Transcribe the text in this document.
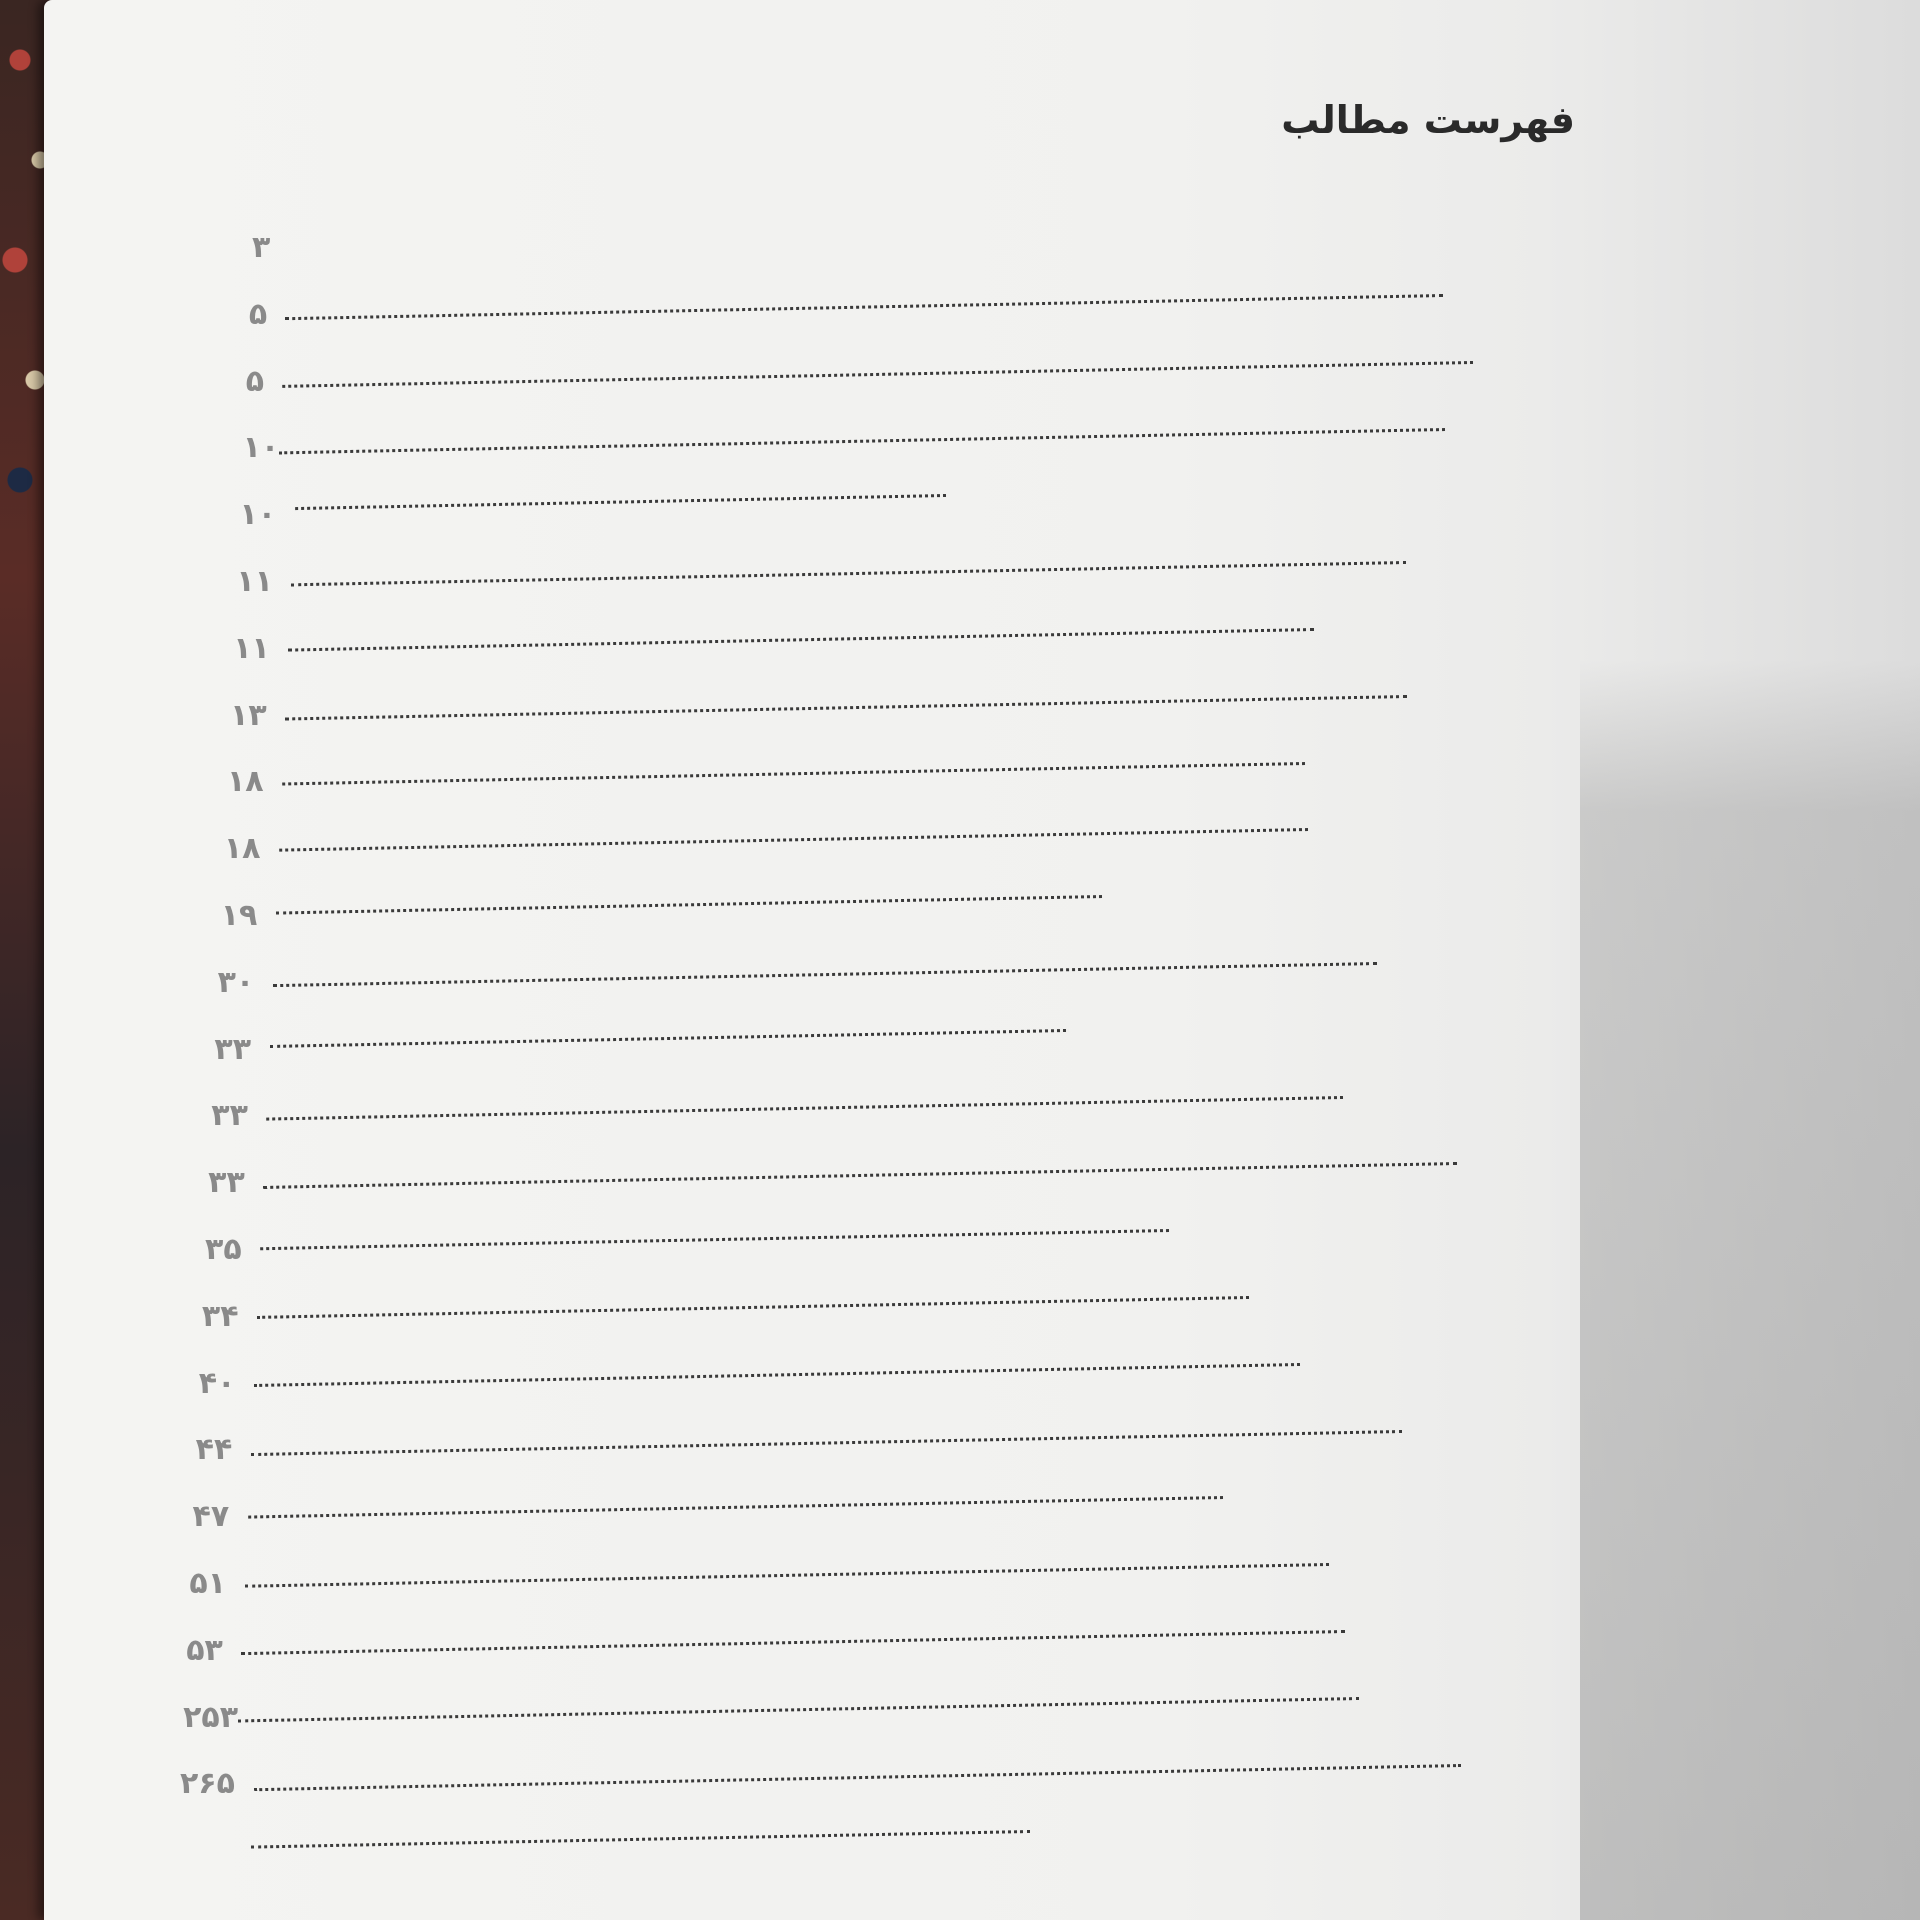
فهرست مطالب
۳
۵
۵
۱۰
۱۰
۱۱
۱۱
۱۳
۱۸
۱۸
۱۹
۳۰
۳۳
۳۳
۳۳
۳۵
۳۴
۴۰
۴۴
۴۷
۵۱
۵۳
۲۵۳
۲۶۵
